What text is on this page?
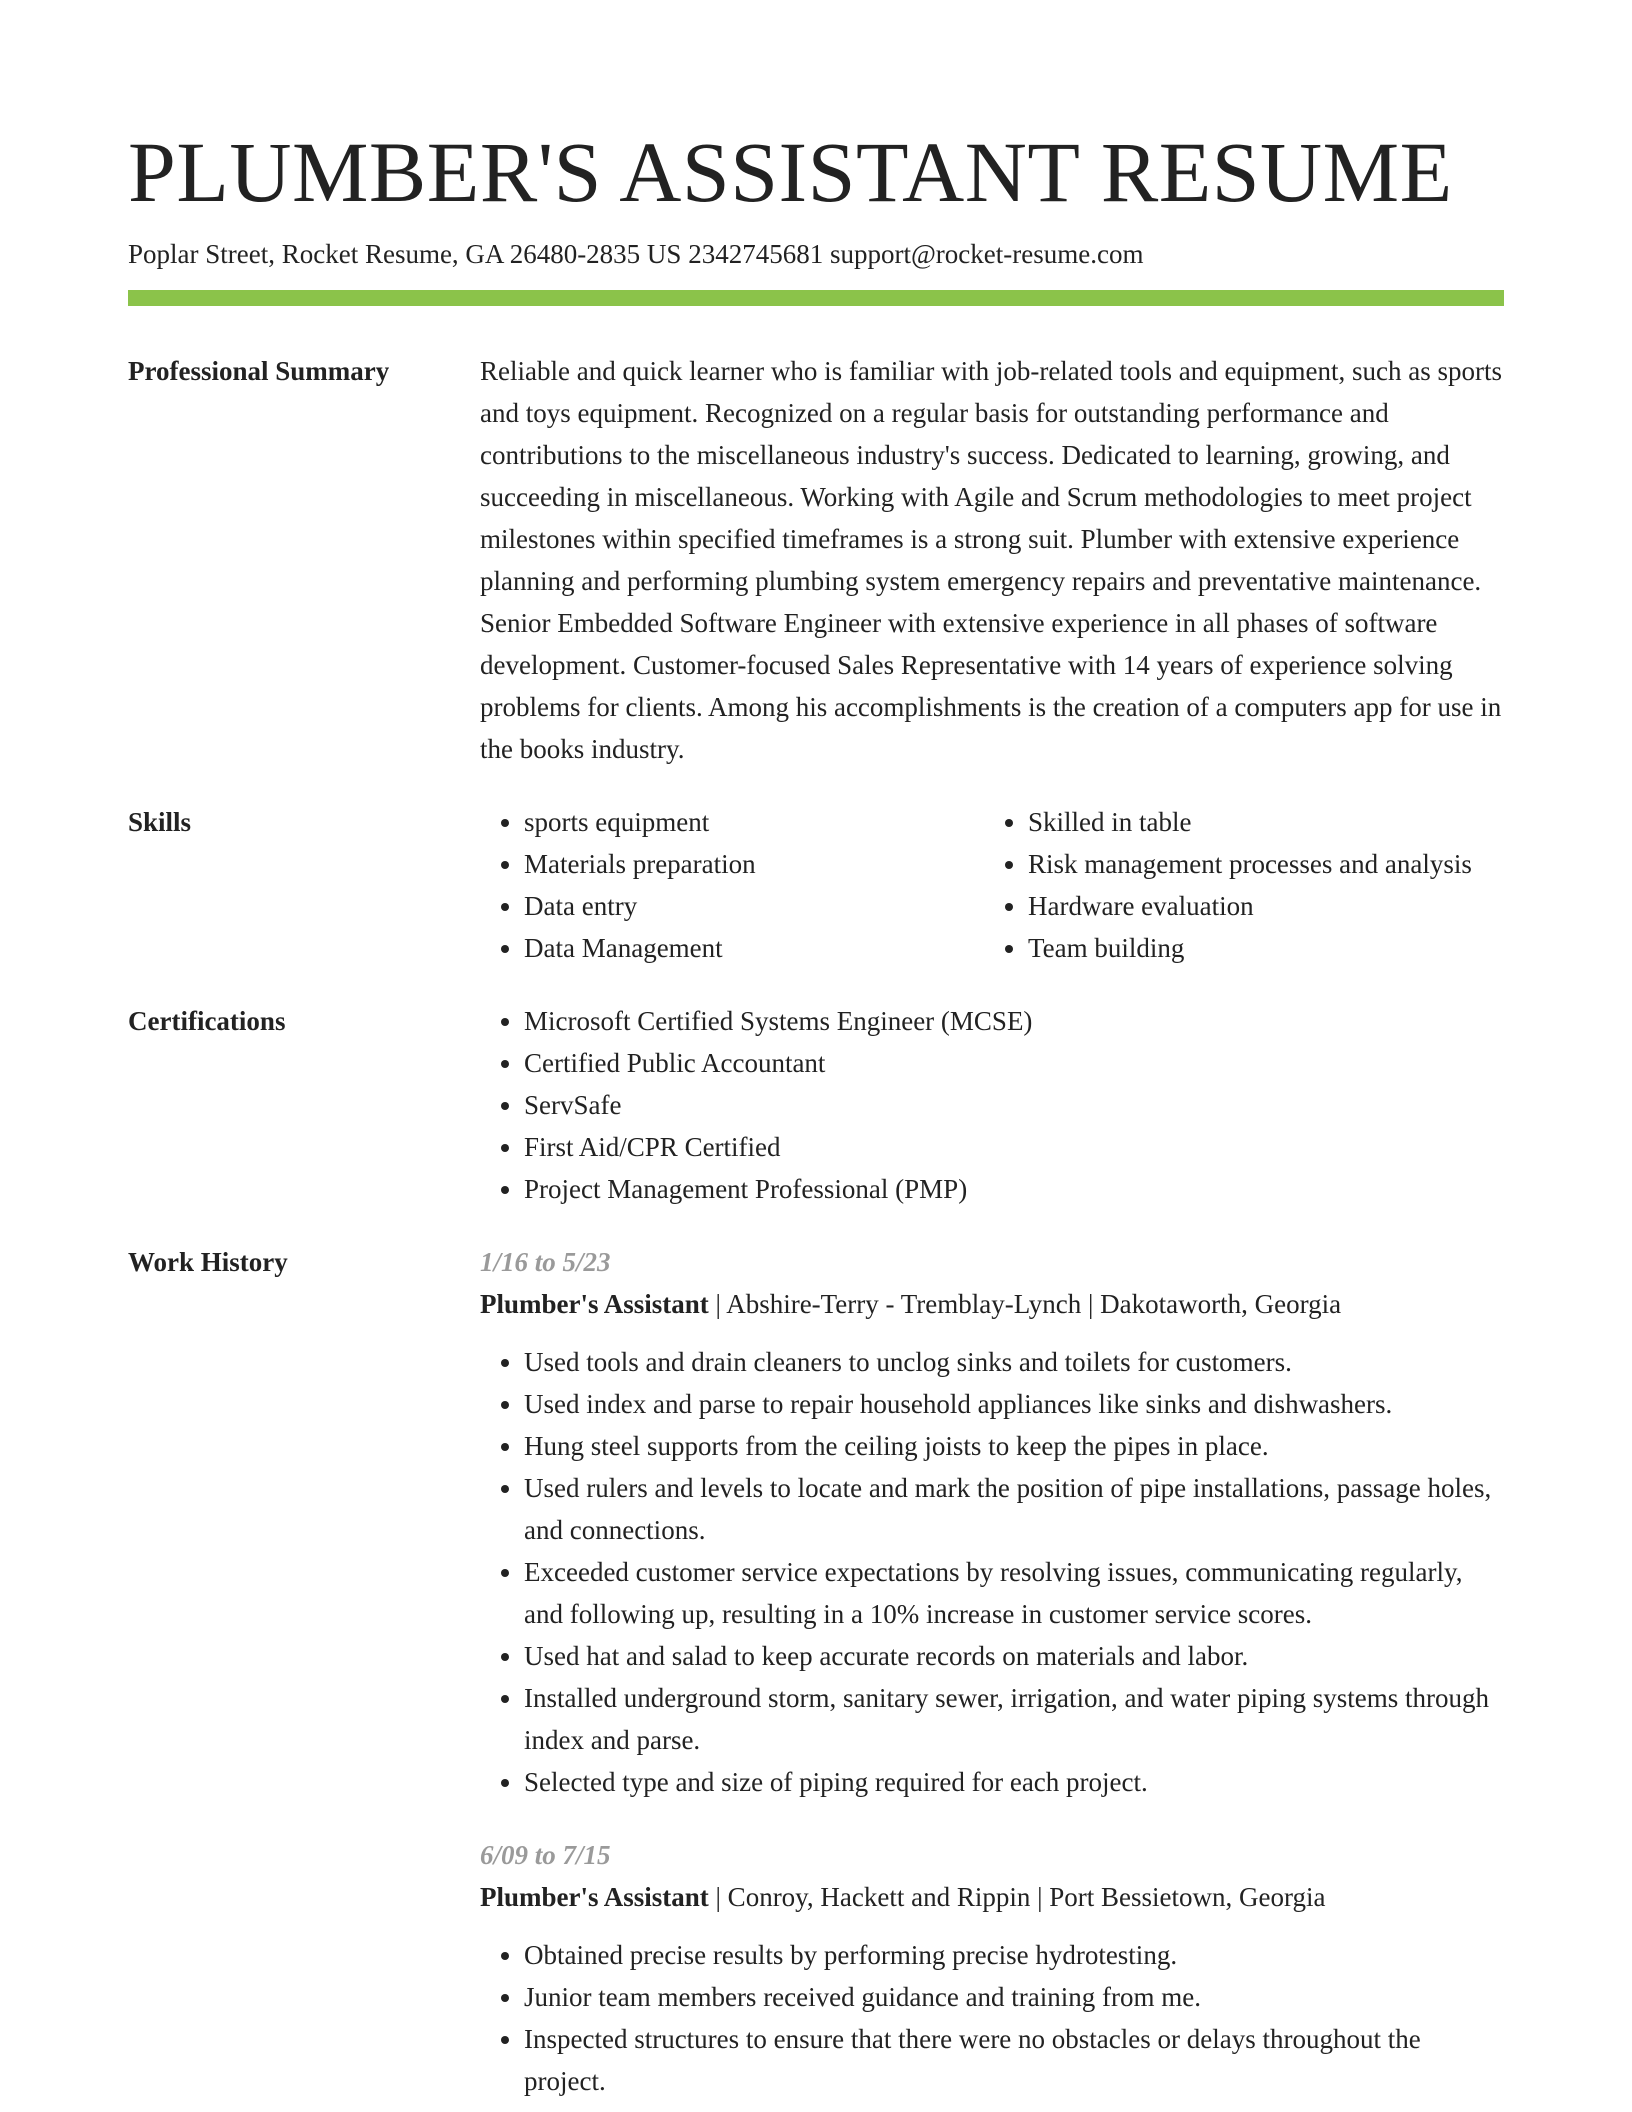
PLUMBER'S ASSISTANT RESUME
Poplar Street, Rocket Resume, GA 26480-2835 US 2342745681 support@rocket-resume.com
Professional Summary	Reliable and quick learner who is familiar with job-related tools and equipment, such as sports and toys equipment. Recognized on a regular basis for outstanding performance and contributions to the miscellaneous industry's success. Dedicated to learning, growing, and succeeding in miscellaneous. Working with Agile and Scrum methodologies to meet project milestones within specified timeframes is a strong suit. Plumber with extensive experience planning and performing plumbing system emergency repairs and preventative maintenance. Senior Embedded Software Engineer with extensive experience in all phases of software development. Customer-focused Sales Representative with 14 years of experience solving problems for clients. Among his accomplishments is the creation of a computers app for use in the books industry.

Skills	• sports equipment
• Materials preparation
• Data entry
• Data Management
• Skilled in table
• Risk management processes and analysis
• Hardware evaluation
• Team building
Certifications	• Microsoft Certified Systems Engineer (MCSE)
• Certified Public Accountant
• ServSafe
• First Aid/CPR Certified
• Project Management Professional (PMP)
Work History	1/16 to 5/23
Plumber's Assistant | Abshire-Terry - Tremblay-Lynch | Dakotaworth, Georgia
• Used tools and drain cleaners to unclog sinks and toilets for customers.
• Used index and parse to repair household appliances like sinks and dishwashers.
• Hung steel supports from the ceiling joists to keep the pipes in place.
• Used rulers and levels to locate and mark the position of pipe installations, passage holes, and connections.
• Exceeded customer service expectations by resolving issues, communicating regularly, and following up, resulting in a 10% increase in customer service scores.
• Used hat and salad to keep accurate records on materials and labor.
• Installed underground storm, sanitary sewer, irrigation, and water piping systems through index and parse.
• Selected type and size of piping required for each project.
6/09 to 7/15
Plumber's Assistant | Conroy, Hackett and Rippin | Port Bessietown, Georgia
• Obtained precise results by performing precise hydrotesting.
• Junior team members received guidance and training from me.
• Inspected structures to ensure that there were no obstacles or delays throughout the project.
